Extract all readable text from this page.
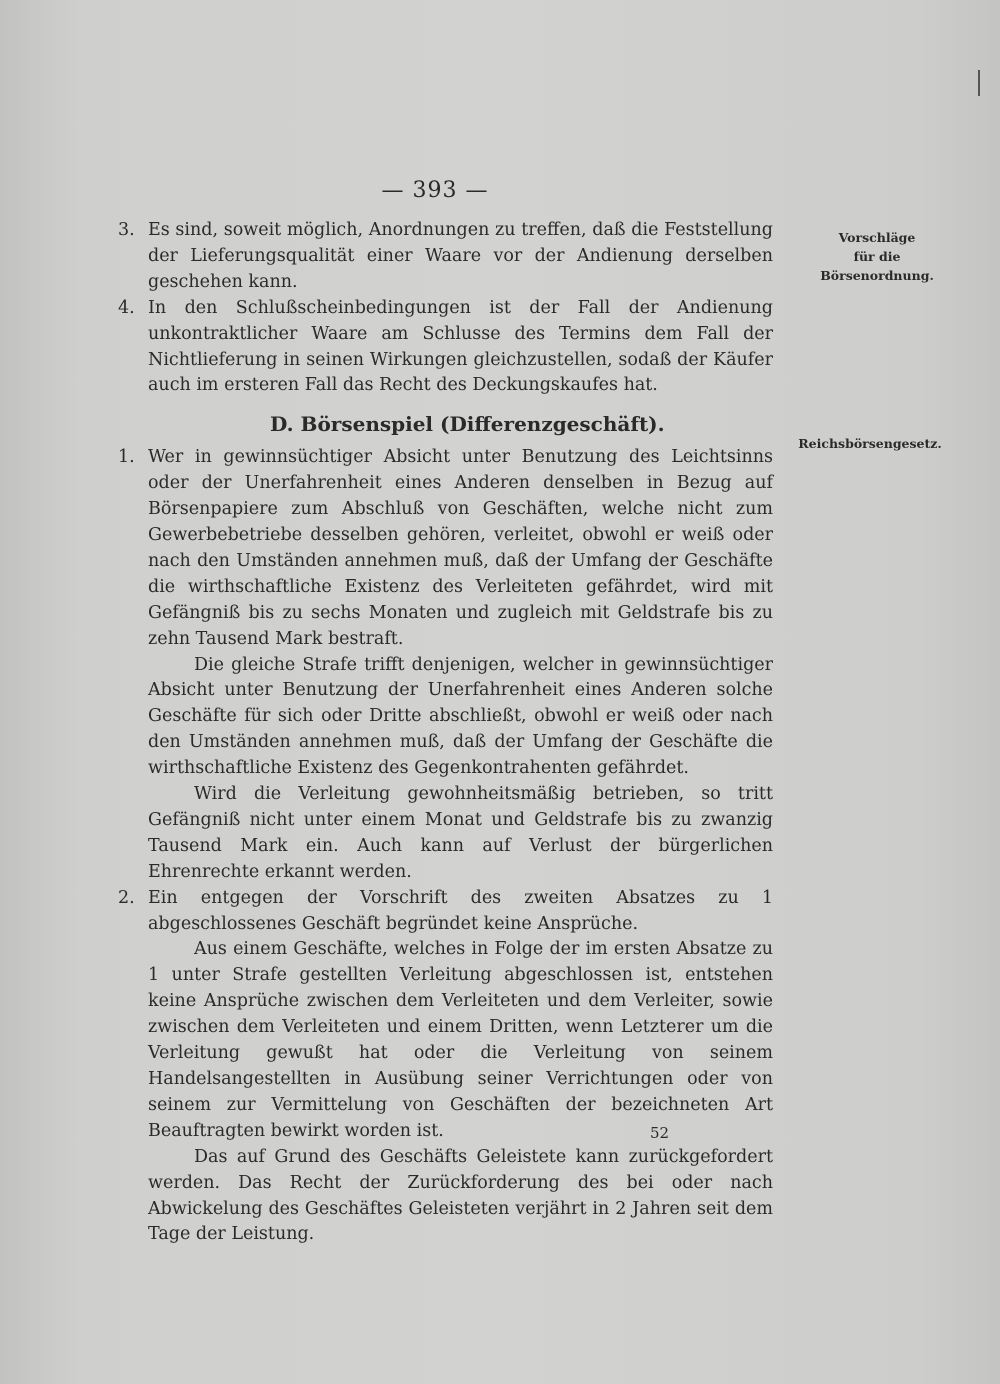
— 393 —
Vorschläge
für die
Börsenordnung.
Reichsbörsengesetz.
3. Es sind, soweit möglich, Anordnungen zu treffen, daß die Feststellung der Lieferungsqualität einer Waare vor der Andienung derselben geschehen kann.
4. In den Schlußscheinbedingungen ist der Fall der Andienung unkontraktlicher Waare am Schlusse des Termins dem Fall der Nichtlieferung in seinen Wirkungen gleichzustellen, sodaß der Käufer auch im ersteren Fall das Recht des Deckungskaufes hat.
D. Börsenspiel (Differenzgeschäft).
1. Wer in gewinnsüchtiger Absicht unter Benutzung des Leichtsinns oder der Unerfahrenheit eines Anderen denselben in Bezug auf Börsenpapiere zum Abschluß von Geschäften, welche nicht zum Gewerbebetriebe desselben gehören, verleitet, obwohl er weiß oder nach den Umständen annehmen muß, daß der Umfang der Geschäfte die wirthschaftliche Existenz des Verleiteten gefährdet, wird mit Gefängniß bis zu sechs Monaten und zugleich mit Geldstrafe bis zu zehn Tausend Mark bestraft.
Die gleiche Strafe trifft denjenigen, welcher in gewinnsüchtiger Absicht unter Benutzung der Unerfahrenheit eines Anderen solche Geschäfte für sich oder Dritte abschließt, obwohl er weiß oder nach den Umständen annehmen muß, daß der Umfang der Geschäfte die wirthschaftliche Existenz des Gegenkontrahenten gefährdet.
Wird die Verleitung gewohnheitsmäßig betrieben, so tritt Gefängniß nicht unter einem Monat und Geldstrafe bis zu zwanzig Tausend Mark ein. Auch kann auf Verlust der bürgerlichen Ehrenrechte erkannt werden.
2. Ein entgegen der Vorschrift des zweiten Absatzes zu 1 abgeschlossenes Geschäft begründet keine Ansprüche.
Aus einem Geschäfte, welches in Folge der im ersten Absatze zu 1 unter Strafe gestellten Verleitung abgeschlossen ist, entstehen keine Ansprüche zwischen dem Verleiteten und dem Verleiter, sowie zwischen dem Verleiteten und einem Dritten, wenn Letzterer um die Verleitung gewußt hat oder die Verleitung von seinem Handelsangestellten in Ausübung seiner Verrichtungen oder von seinem zur Vermittelung von Geschäften der bezeichneten Art Beauftragten bewirkt worden ist.
Das auf Grund des Geschäfts Geleistete kann zurückgefordert werden. Das Recht der Zurückforderung des bei oder nach Abwickelung des Geschäftes Geleisteten verjährt in 2 Jahren seit dem Tage der Leistung.
52
